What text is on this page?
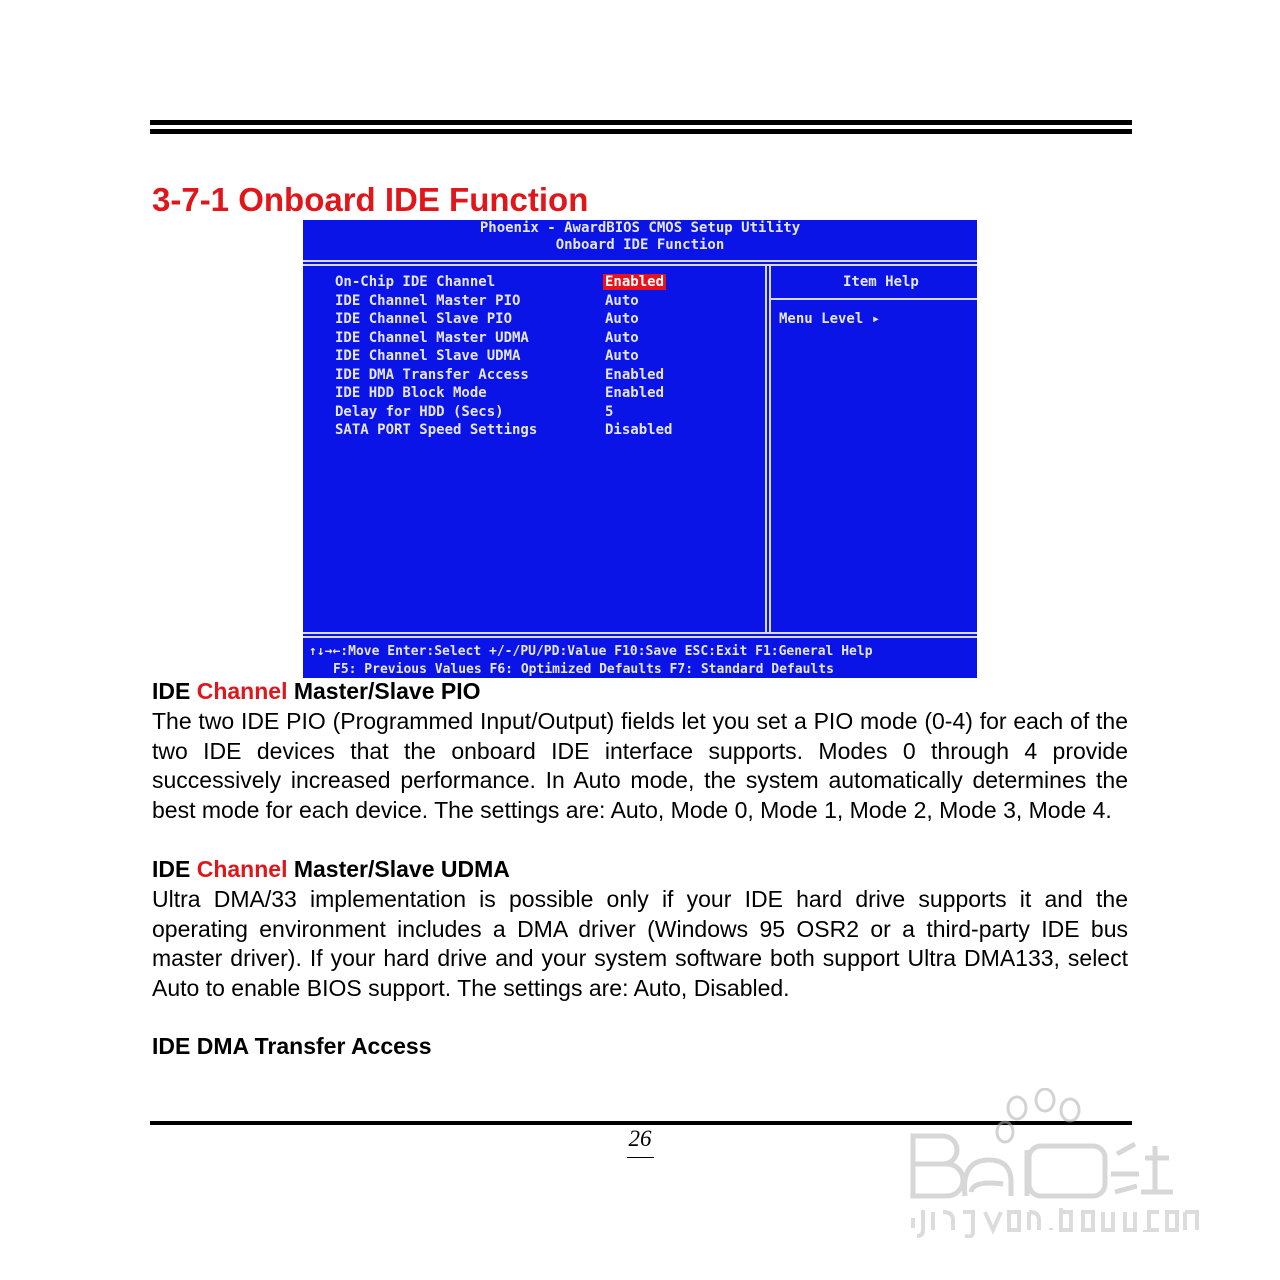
3-7-1 Onboard IDE Function
Phoenix - AwardBIOS CMOS Setup Utility
Onboard IDE Function
On-Chip IDE Channel	Enabled
IDE Channel Master PIO	Auto
IDE Channel Slave PIO	Auto
IDE Channel Master UDMA	Auto
IDE Channel Slave UDMA	Auto
IDE DMA Transfer Access	Enabled
IDE HDD Block Mode	Enabled
Delay for HDD (Secs)	5
SATA PORT Speed Settings	Disabled
Item Help
Menu Level ▸
↑↓→←:Move Enter:Select +/-/PU/PD:Value F10:Save ESC:Exit F1:General Help
F5: Previous Values F6: Optimized Defaults F7: Standard Defaults
IDE Channel Master/Slave PIO

The two IDE PIO (Programmed Input/Output) fields let you set a PIO mode (0-4) for each of the two IDE devices that the onboard IDE interface supports. Modes 0 through 4 provide successively increased performance. In Auto mode, the system automatically determines the best mode for each device. The settings are: Auto, Mode 0, Mode 1, Mode 2, Mode 3, Mode 4.

IDE Channel Master/Slave UDMA

Ultra DMA/33 implementation is possible only if your IDE hard drive supports it and the operating environment includes a DMA driver (Windows 95 OSR2 or a third-party IDE bus master driver). If your hard drive and your system software both support Ultra DMA133, select Auto to enable BIOS support. The settings are: Auto, Disabled.

IDE DMA Transfer Access
26
